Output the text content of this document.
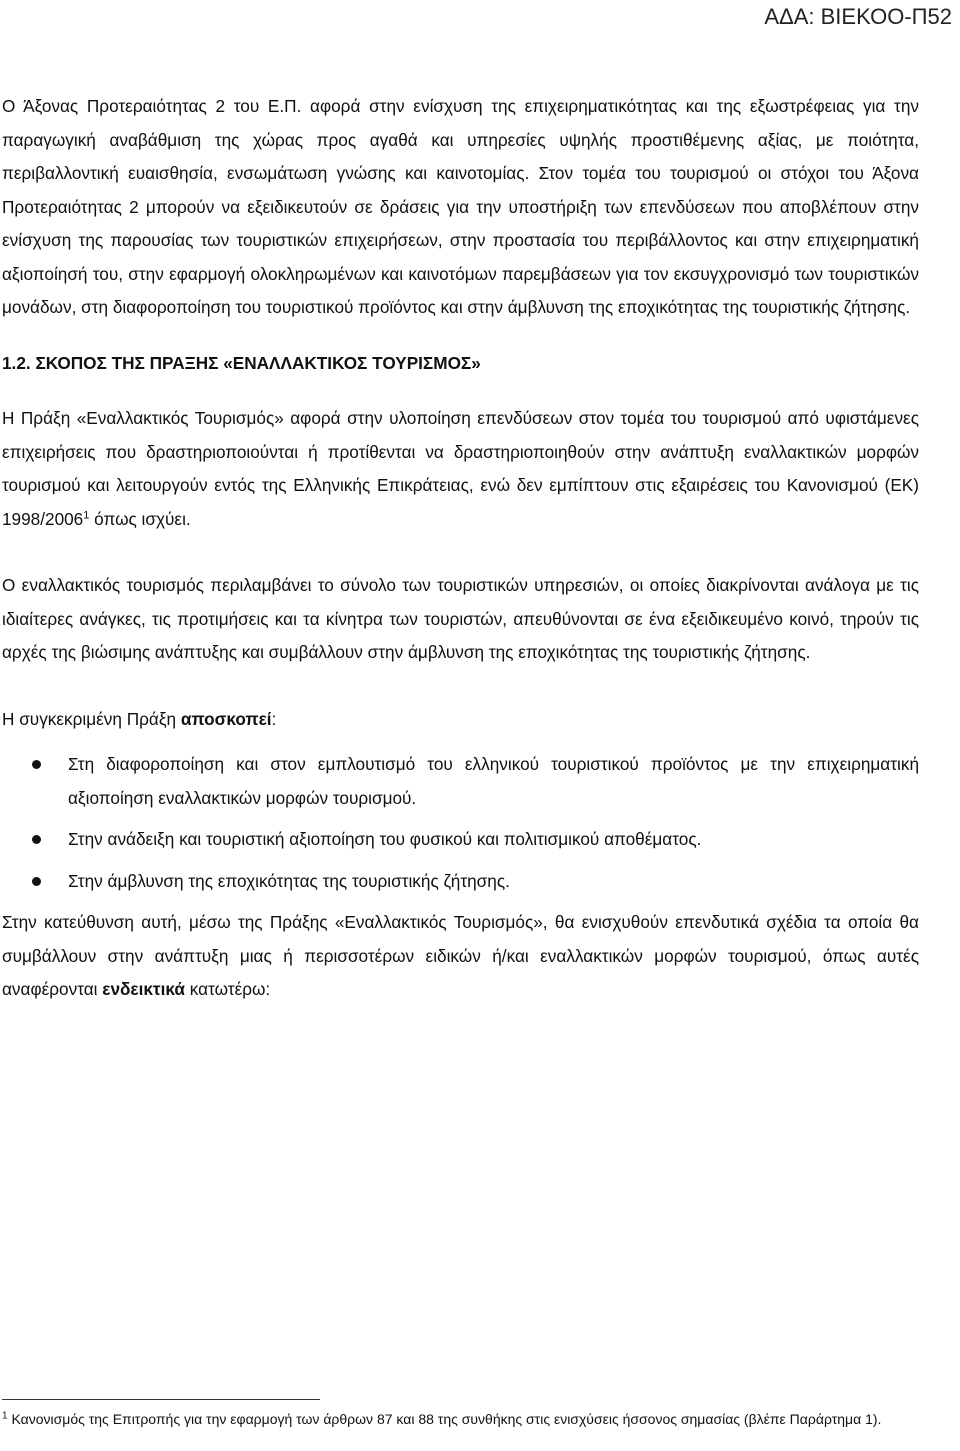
ΑΔΑ: ΒΙΕΚΟΟ-Π52

Ο Άξονας Προτεραιότητας 2 του Ε.Π. αφορά στην ενίσχυση της επιχειρηματικότητας και της εξωστρέφειας για την παραγωγική αναβάθμιση της χώρας προς αγαθά και υπηρεσίες υψηλής προστιθέμενης αξίας, με ποιότητα, περιβαλλοντική ευαισθησία, ενσωμάτωση γνώσης και καινοτομίας. Στον τομέα του τουρισμού οι στόχοι του Άξονα Προτεραιότητας 2 μπορούν να εξειδικευτούν σε δράσεις για την υποστήριξη των επενδύσεων που αποβλέπουν στην ενίσχυση της παρουσίας των τουριστικών επιχειρήσεων, στην προστασία του περιβάλλοντος και στην επιχειρηματική αξιοποίησή του, στην εφαρμογή ολοκληρωμένων και καινοτόμων παρεμβάσεων για τον εκσυγχρονισμό των τουριστικών μονάδων, στη διαφοροποίηση του τουριστικού προϊόντος και στην άμβλυνση της εποχικότητας της τουριστικής ζήτησης.

1.2. ΣΚΟΠΟΣ ΤΗΣ ΠΡΑΞΗΣ «ΕΝΑΛΛΑΚΤΙΚΟΣ ΤΟΥΡΙΣΜΟΣ»

Η Πράξη «Εναλλακτικός Τουρισμός» αφορά στην υλοποίηση επενδύσεων στον τομέα του τουρισμού από υφιστάμενες επιχειρήσεις που δραστηριοποιούνται ή προτίθενται να δραστηριοποιηθούν στην ανάπτυξη εναλλακτικών μορφών τουρισμού και λειτουργούν εντός της Ελληνικής Επικράτειας, ενώ δεν εμπίπτουν στις εξαιρέσεις του Κανονισμού (ΕΚ) 1998/2006$^1$ όπως ισχύει.

Ο εναλλακτικός τουρισμός περιλαμβάνει το σύνολο των τουριστικών υπηρεσιών, οι οποίες διακρίνονται ανάλογα με τις ιδιαίτερες ανάγκες, τις προτιμήσεις και τα κίνητρα των τουριστών, απευθύνονται σε ένα εξειδικευμένο κοινό, τηρούν τις αρχές της βιώσιμης ανάπτυξης και συμβάλλουν στην άμβλυνση της εποχικότητας της τουριστικής ζήτησης.

Η συγκεκριμένη Πράξη αποσκοπεί:

Στη διαφοροποίηση και στον εμπλουτισμό του ελληνικού τουριστικού προϊόντος με την επιχειρηματική αξιοποίηση εναλλακτικών μορφών τουρισμού.
Στην ανάδειξη και τουριστική αξιοποίηση του φυσικού και πολιτισμικού αποθέματος.
Στην άμβλυνση της εποχικότητας της τουριστικής ζήτησης.

Στην κατεύθυνση αυτή, μέσω της Πράξης «Εναλλακτικός Τουρισμός», θα ενισχυθούν επενδυτικά σχέδια τα οποία θα συμβάλλουν στην ανάπτυξη μιας ή περισσοτέρων ειδικών ή/και εναλλακτικών μορφών τουρισμού, όπως αυτές αναφέρονται ενδεικτικά κατωτέρω:

$^1$ Κανονισμός της Επιτροπής για την εφαρμογή των άρθρων 87 και 88 της συνθήκης στις ενισχύσεις ήσσονος σημασίας (βλέπε Παράρτημα 1).
